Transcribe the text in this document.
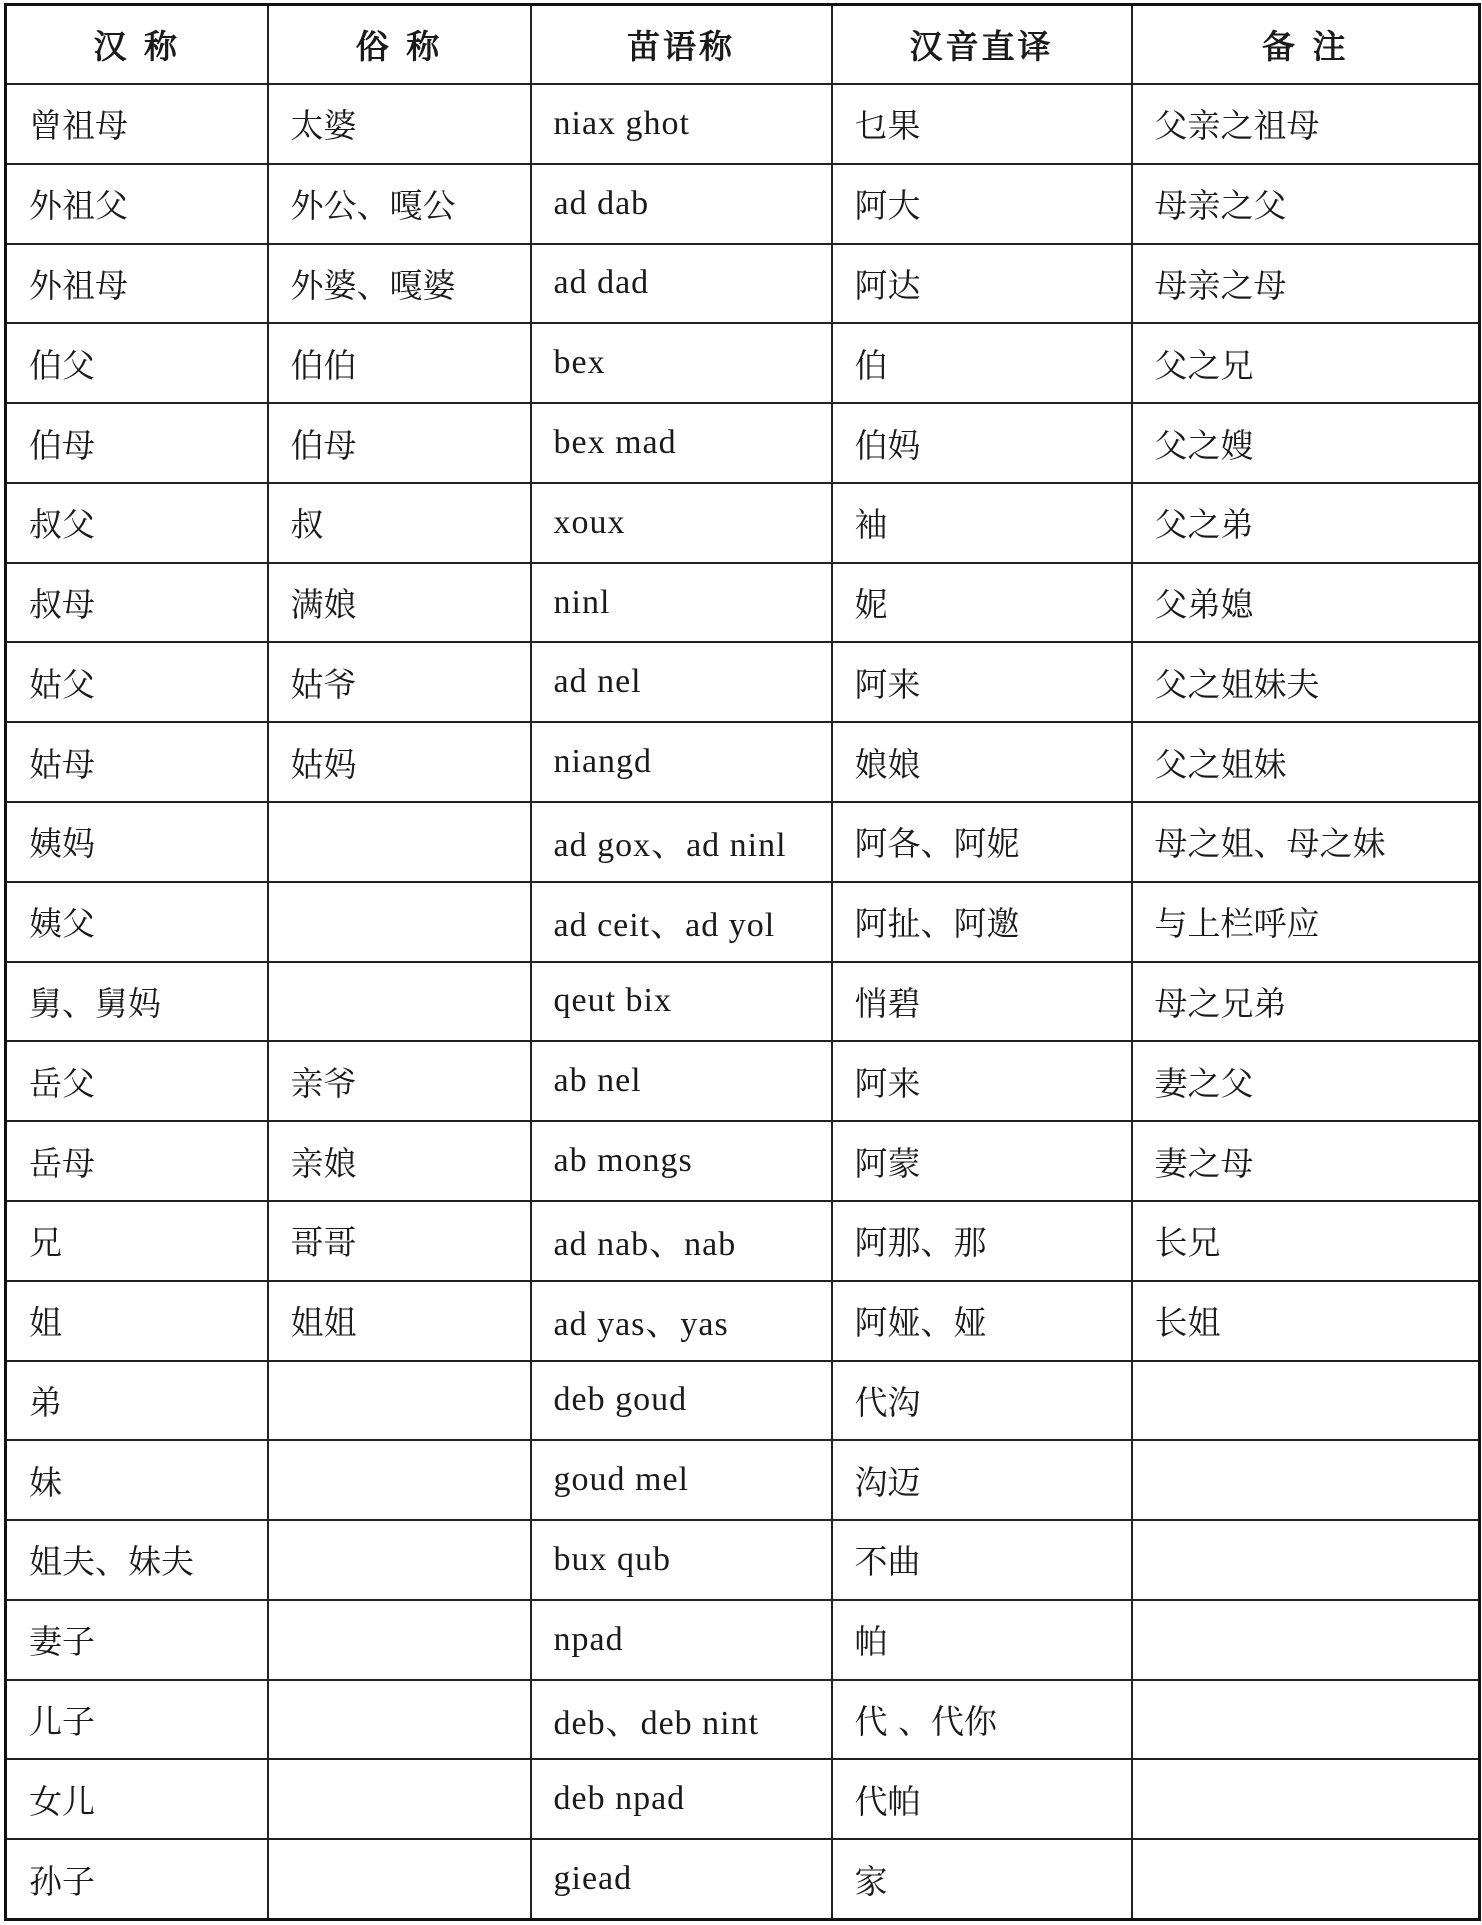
汉 称	俗 称	苗语称	汉音直译	备 注
曾祖母	太婆	niax ghot	乜果	父亲之祖母
外祖父	外公、嘎公	ad dab	阿大	母亲之父
外祖母	外婆、嘎婆	ad dad	阿达	母亲之母
伯父	伯伯	bex	伯	父之兄
伯母	伯母	bex mad	伯妈	父之嫂
叔父	叔	xoux	袖	父之弟
叔母	满娘	ninl	妮	父弟媳
姑父	姑爷	ad nel	阿来	父之姐妹夫
姑母	姑妈	niangd	娘娘	父之姐妹
姨妈		ad gox、ad ninl	阿各、阿妮	母之姐、母之妹
姨父		ad ceit、ad yol	阿扯、阿邀	与上栏呼应
舅、舅妈		qeut bix	悄碧	母之兄弟
岳父	亲爷	ab nel	阿来	妻之父
岳母	亲娘	ab mongs	阿蒙	妻之母
兄	哥哥	ad nab、nab	阿那、那	长兄
姐	姐姐	ad yas、yas	阿娅、娅	长姐
弟		deb goud	代沟	
妹		goud mel	沟迈	
姐夫、妹夫		bux qub	不曲	
妻子		npad	帕	
儿子		deb、deb nint	代 、代你	
女儿		deb npad	代帕	
孙子		giead	家	
